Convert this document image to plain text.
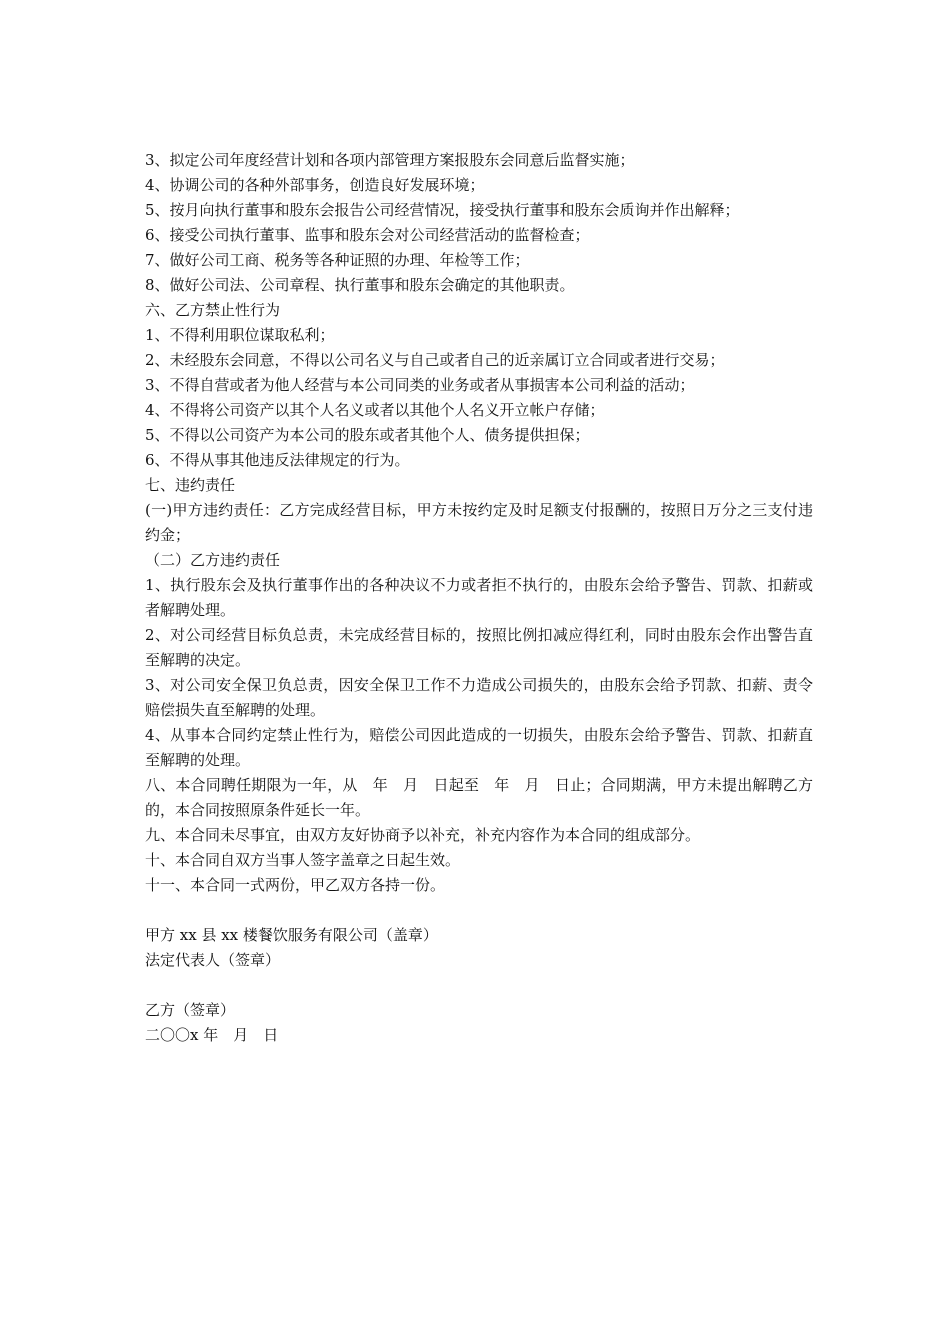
3、拟定公司年度经营计划和各项内部管理方案报股东会同意后监督实施；
4、协调公司的各种外部事务，创造良好发展环境；
5、按月向执行董事和股东会报告公司经营情况，接受执行董事和股东会质询并作出解释；
6、接受公司执行董事、监事和股东会对公司经营活动的监督检查；
7、做好公司工商、税务等各种证照的办理、年检等工作；
8、做好公司法、公司章程、执行董事和股东会确定的其他职责。
六、乙方禁止性行为
1、不得利用职位谋取私利；
2、未经股东会同意，不得以公司名义与自己或者自己的近亲属订立合同或者进行交易；
3、不得自营或者为他人经营与本公司同类的业务或者从事损害本公司利益的活动；
4、不得将公司资产以其个人名义或者以其他个人名义开立帐户存储；
5、不得以公司资产为本公司的股东或者其他个人、债务提供担保；
6、不得从事其他违反法律规定的行为。
七、违约责任
(一)甲方违约责任：乙方完成经营目标，甲方未按约定及时足额支付报酬的，按照日万分之三支付违约金；
（二）乙方违约责任
1、执行股东会及执行董事作出的各种决议不力或者拒不执行的，由股东会给予警告、罚款、扣薪或者解聘处理。
2、对公司经营目标负总责，未完成经营目标的，按照比例扣减应得红利，同时由股东会作出警告直至解聘的决定。
3、对公司安全保卫负总责，因安全保卫工作不力造成公司损失的，由股东会给予罚款、扣薪、责令赔偿损失直至解聘的处理。
4、从事本合同约定禁止性行为，赔偿公司因此造成的一切损失，由股东会给予警告、罚款、扣薪直至解聘的处理。
八、本合同聘任期限为一年，从　年　月　日起至　年　月　日止；合同期满，甲方未提出解聘乙方的，本合同按照原条件延长一年。
九、本合同未尽事宜，由双方友好协商予以补充，补充内容作为本合同的组成部分。
十、本合同自双方当事人签字盖章之日起生效。
十一、本合同一式两份，甲乙双方各持一份。
甲方 xx 县 xx 楼餐饮服务有限公司（盖章）
法定代表人（签章）
乙方（签章）
二〇〇x 年　月　日
